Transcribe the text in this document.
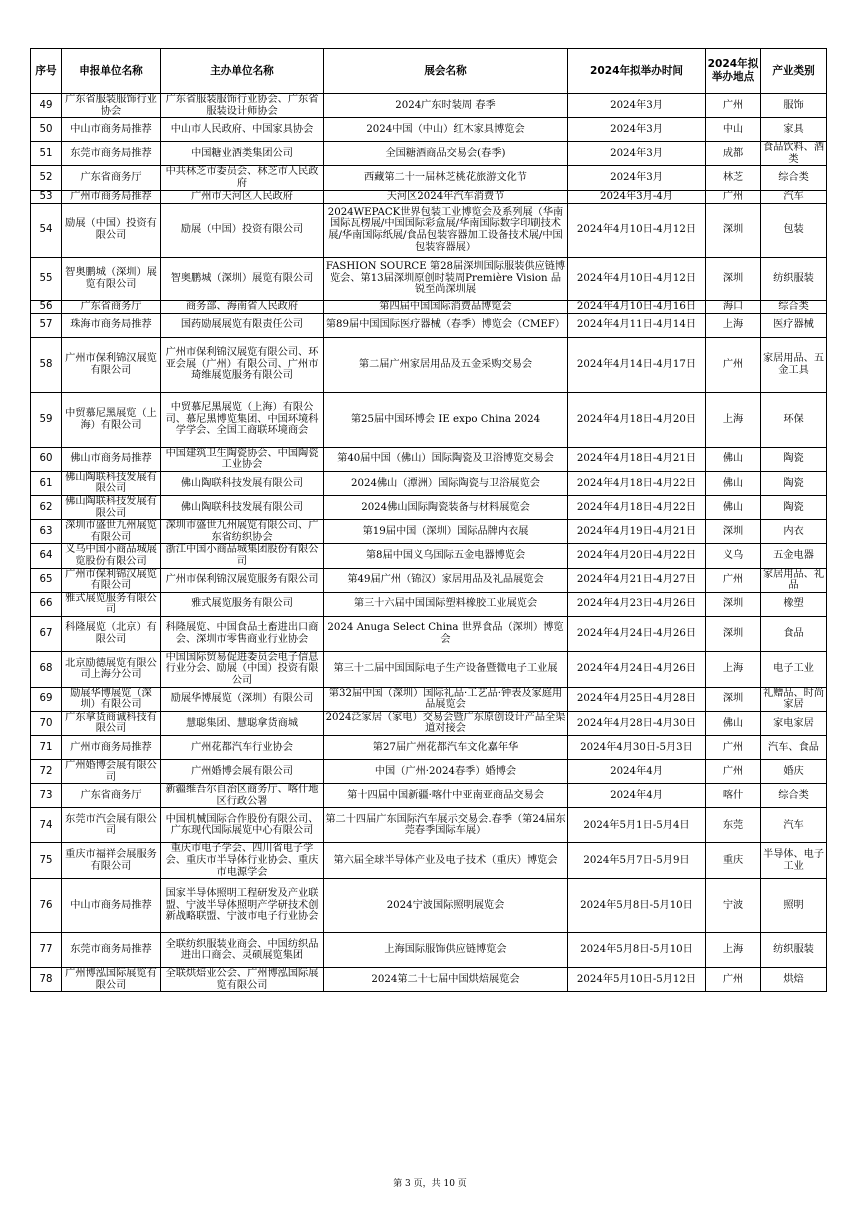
序号	申报单位名称	主办单位名称	展会名称	2024年拟举办时间	2024年拟举办地点	产业类别
49	广东省服装服饰行业协会	广东省服装服饰行业协会、广东省服装设计师协会	2024广东时装周 春季	2024年3月	广州	服饰
50	中山市商务局推荐	中山市人民政府、中国家具协会	2024中国（中山）红木家具博览会	2024年3月	中山	家具
51	东莞市商务局推荐	中国糖业酒类集团公司	全国糖酒商品交易会(春季)	2024年3月	成都	食品饮料、酒类
52	广东省商务厅	中共林芝市委员会、林芝市人民政府	西藏第二十一届林芝桃花旅游文化节	2024年3月	林芝	综合类
53	广州市商务局推荐	广州市天河区人民政府	天河区2024年汽车消费节	2024年3月-4月	广州	汽车
54	励展（中国）投资有限公司	励展（中国）投资有限公司	2024WEPACK世界包装工业博览会及系列展（华南国际瓦楞展/中国国际彩盒展/华南国际数字印刷技术展/华南国际纸展/食品包装容器加工设备技术展/中国包装容器展）	2024年4月10日-4月12日	深圳	包装
55	智奥鹏城（深圳）展览有限公司	智奥鹏城（深圳）展览有限公司	FASHION SOURCE 第28届深圳国际服装供应链博览会、第13届深圳原创时装周Première Vision 品锐至尚深圳展	2024年4月10日-4月12日	深圳	纺织服装
56	广东省商务厅	商务部、海南省人民政府	第四届中国国际消费品博览会	2024年4月10日-4月16日	海口	综合类
57	珠海市商务局推荐	国药励展展览有限责任公司	第89届中国国际医疗器械（春季）博览会（CMEF）	2024年4月11日-4月14日	上海	医疗器械
58	广州市保利锦汉展览有限公司	广州市保利锦汉展览有限公司、环亚会展（广州）有限公司、广州市琦维展览服务有限公司	第二届广州家居用品及五金采购交易会	2024年4月14日-4月17日	广州	家居用品、五金工具
59	中贸慕尼黑展览（上海）有限公司	中贸慕尼黑展览（上海）有限公司、慕尼黑博览集团、中国环境科学学会、全国工商联环境商会	第25届中国环博会 IE expo China 2024	2024年4月18日-4月20日	上海	环保
60	佛山市商务局推荐	中国建筑卫生陶瓷协会、中国陶瓷工业协会	第40届中国（佛山）国际陶瓷及卫浴博览交易会	2024年4月18日-4月21日	佛山	陶瓷
61	佛山陶联科技发展有限公司	佛山陶联科技发展有限公司	2024佛山（潭洲）国际陶瓷与卫浴展览会	2024年4月18日-4月22日	佛山	陶瓷
62	佛山陶联科技发展有限公司	佛山陶联科技发展有限公司	2024佛山国际陶瓷装备与材料展览会	2024年4月18日-4月22日	佛山	陶瓷
63	深圳市盛世九州展览有限公司	深圳市盛世九州展览有限公司、广东省纺织协会	第19届中国（深圳）国际品牌内衣展	2024年4月19日-4月21日	深圳	内衣
64	义乌中国小商品城展览股份有限公司	浙江中国小商品城集团股份有限公司	第8届中国义乌国际五金电器博览会	2024年4月20日-4月22日	义乌	五金电器
65	广州市保利锦汉展览有限公司	广州市保利锦汉展览服务有限公司	第49届广州（锦汉）家居用品及礼品展览会	2024年4月21日-4月27日	广州	家居用品、礼品
66	雅式展览服务有限公司	雅式展览服务有限公司	第三十六届中国国际塑料橡胶工业展览会	2024年4月23日-4月26日	深圳	橡塑
67	科隆展览（北京）有限公司	科隆展览、中国食品土畜进出口商会、深圳市零售商业行业协会	2024 Anuga Select China 世界食品（深圳）博览会	2024年4月24日-4月26日	深圳	食品
68	北京励德展览有限公司上海分公司	中国国际贸易促进委员会电子信息行业分会、励展（中国）投资有限公司	第三十二届中国国际电子生产设备暨微电子工业展	2024年4月24日-4月26日	上海	电子工业
69	励展华博展览（深圳）有限公司	励展华博展览（深圳）有限公司	第32届中国（深圳）国际礼品·工艺品·钟表及家庭用品展览会	2024年4月25日-4月28日	深圳	礼赠品、时尚家居
70	广东拿货商诚科技有限公司	慧聪集团、慧聪拿货商城	2024泛家居（家电）交易会暨广东原创设计产品全渠道对接会	2024年4月28日-4月30日	佛山	家电家居
71	广州市商务局推荐	广州花都汽车行业协会	第27届广州花都汽车文化嘉年华	2024年4月30日-5月3日	广州	汽车、食品
72	广州婚博会展有限公司	广州婚博会展有限公司	中国（广州·2024春季）婚博会	2024年4月	广州	婚庆
73	广东省商务厅	新疆维吾尔自治区商务厅、喀什地区行政公署	第十四届中国新疆·喀什中亚南亚商品交易会	2024年4月	喀什	综合类
74	东莞市汽会展有限公司	中国机械国际合作股份有限公司、广东现代国际展览中心有限公司	第二十四届广东国际汽车展示交易会.春季（第24届东莞春季国际车展）	2024年5月1日-5月4日	东莞	汽车
75	重庆市福祥会展服务有限公司	重庆市电子学会、四川省电子学会、重庆市半导体行业协会、重庆市电源学会	第六届全球半导体产业及电子技术（重庆）博览会	2024年5月7日-5月9日	重庆	半导体、电子工业
76	中山市商务局推荐	国家半导体照明工程研发及产业联盟、宁波半导体照明产学研技术创新战略联盟、宁波市电子行业协会	2024宁波国际照明展览会	2024年5月8日-5月10日	宁波	照明
77	东莞市商务局推荐	全联纺织服装业商会、中国纺织品进出口商会、灵硕展览集团	上海国际服饰供应链博览会	2024年5月8日-5月10日	上海	纺织服装
78	广州博泓国际展览有限公司	全联烘焙业公会、广州博泓国际展览有限公司	2024第二十七届中国烘焙展览会	2024年5月10日-5月12日	广州	烘焙
第 3 页，共 10 页
